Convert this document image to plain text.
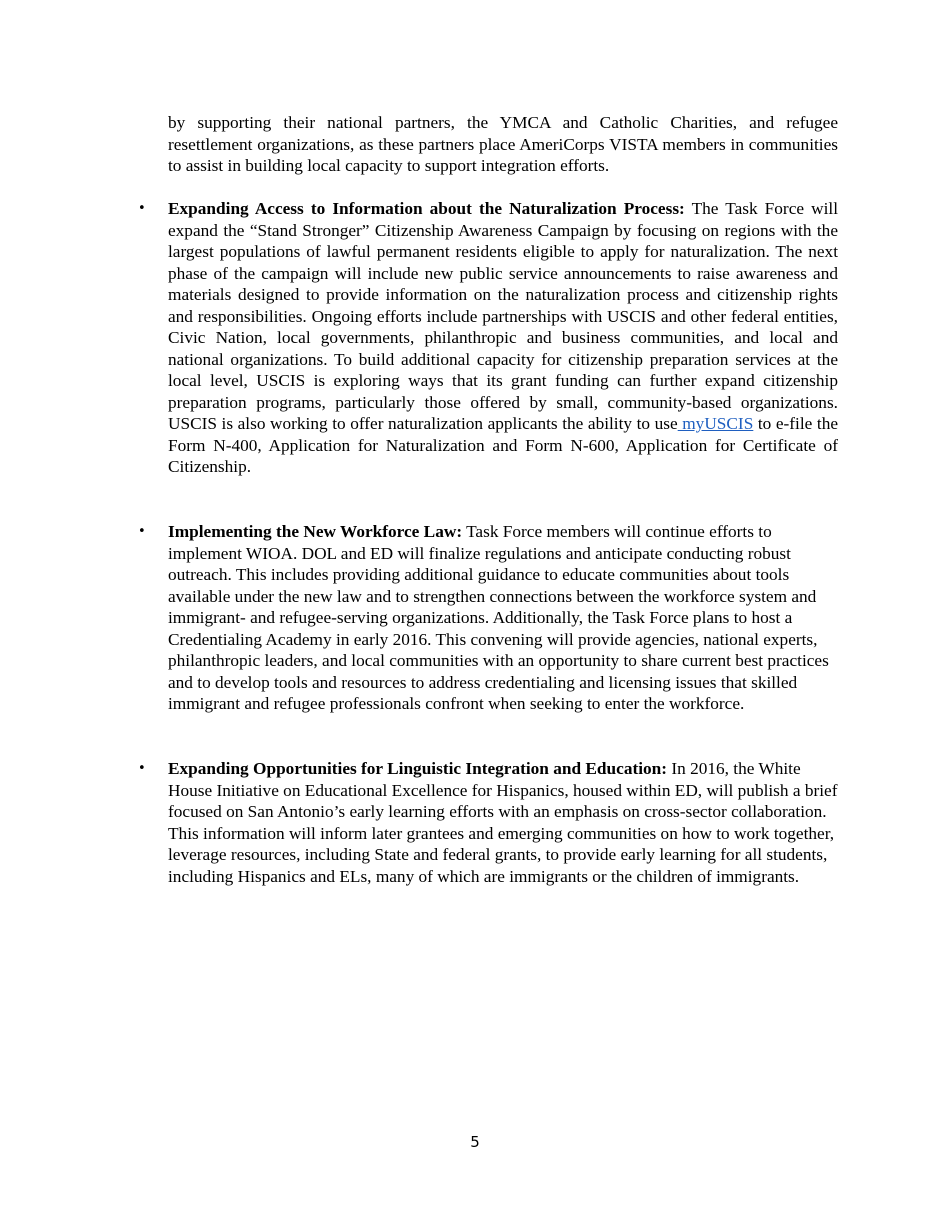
by supporting their national partners, the YMCA and Catholic Charities, and refugee resettlement organizations, as these partners place AmeriCorps VISTA members in communities to assist in building local capacity to support integration efforts.

• Expanding Access to Information about the Naturalization Process: The Task Force will expand the “Stand Stronger” Citizenship Awareness Campaign by focusing on regions with the largest populations of lawful permanent residents eligible to apply for naturalization. The next phase of the campaign will include new public service announcements to raise awareness and materials designed to provide information on the naturalization process and citizenship rights and responsibilities. Ongoing efforts include partnerships with USCIS and other federal entities, Civic Nation, local governments, philanthropic and business communities, and local and national organizations. To build additional capacity for citizenship preparation services at the local level, USCIS is exploring ways that its grant funding can further expand citizenship preparation programs, particularly those offered by small, community-based organizations. USCIS is also working to offer naturalization applicants the ability to use myUSCIS to e-file the Form N-400, Application for Naturalization and Form N-600, Application for Certificate of Citizenship.

• Implementing the New Workforce Law: Task Force members will continue efforts to implement WIOA. DOL and ED will finalize regulations and anticipate conducting robust outreach. This includes providing additional guidance to educate communities about tools available under the new law and to strengthen connections between the workforce system and immigrant- and refugee-serving organizations. Additionally, the Task Force plans to host a Credentialing Academy in early 2016. This convening will provide agencies, national experts, philanthropic leaders, and local communities with an opportunity to share current best practices and to develop tools and resources to address credentialing and licensing issues that skilled immigrant and refugee professionals confront when seeking to enter the workforce.

• Expanding Opportunities for Linguistic Integration and Education: In 2016, the White House Initiative on Educational Excellence for Hispanics, housed within ED, will publish a brief focused on San Antonio’s early learning efforts with an emphasis on cross-sector collaboration. This information will inform later grantees and emerging communities on how to work together, leverage resources, including State and federal grants, to provide early learning for all students, including Hispanics and ELs, many of which are immigrants or the children of immigrants.

5
